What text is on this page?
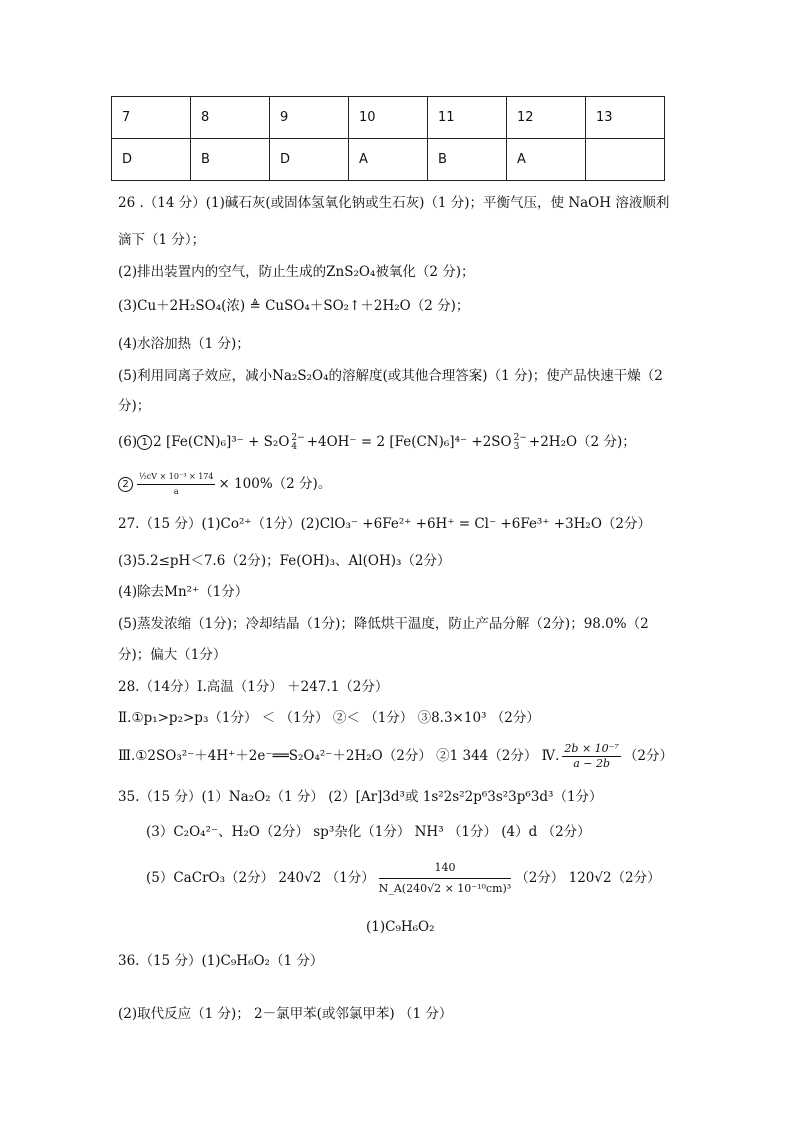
7	8	9	10	11	12	13
D	B	D	A	B	A	
26 .（14 分）(1)碱石灰(或固体氢氧化钠或生石灰)（1 分)；平衡气压，使 NaOH 溶液顺利
滴下（1 分）；
(2)排出装置内的空气，防止生成的ZnS₂O₄被氧化（2 分)；
(3)Cu＋2H₂SO₄(浓) ≜ CuSO₄＋SO₂↑＋2H₂O（2 分)；
(4)水浴加热（1 分)；
(5)利用同离子效应，减小Na₂S₂O₄的溶解度(或其他合理答案)（1 分)；使产品快速干燥（2
分)；
(6) 1 2 [Fe(CN)₆]³⁻ + S₂O 2−
4 +4OH⁻ = 2 [Fe(CN)₆]⁴⁻ +2SO 2−
3 +2H₂O（2 分)；
$2 \frac{\text{½cV × 10⁻³ × 174}}{a} \times 100\%(2$ 分)。
27.（15 分）(1)Co²⁺（1分）(2)ClO₃⁻ +6Fe²⁺ +6H⁺ = Cl⁻ +6Fe³⁺ +3H₂O（2分）
(3)5.2≤pH＜7.6（2分)；Fe(OH)₃、Al(OH)₃（2分）
(4)除去Mn²⁺（1分）
(5)蒸发浓缩（1分)；冷却结晶（1分)；降低烘干温度，防止产品分解（2分)；98.0%（2
分)；偏大（1分）
28.（14分）Ⅰ.高温（1分） ＋247.1（2分）
Ⅱ.①p₁>p₂>p₃（1分） ＜ （1分） ②＜ （1分） ③8.3×10³ （2分）
Ⅲ.①2SO₃²⁻＋4H⁺＋2e⁻══S₂O₄²⁻＋2H₂O（2分） ②1 344（2分） Ⅳ. $\frac{\text{2b × 10⁻⁷}}{a - 2b} (2$分）
35.（15 分）(1）Na₂O₂（1 分） (2）[Ar]3d³或 1s²2s²2p⁶3s²3p⁶3d³（1分）
(3）C₂O₄²⁻、H₂O（2分） sp³杂化（1分） NH³ （1分） (4）d （2分）
(5）CaCrO₃（2分） 240√2 （1分） $\frac{140}{\text{N\_A(240√2 × 10⁻¹⁰cm)³}} (2$分） 120√2（2分）
(1)C₉H₆O₂
36.（15 分）(1)C₉H₆O₂（1 分）
(2)取代反应（1 分)； 2－氯甲苯(或邻氯甲苯) （1 分）
